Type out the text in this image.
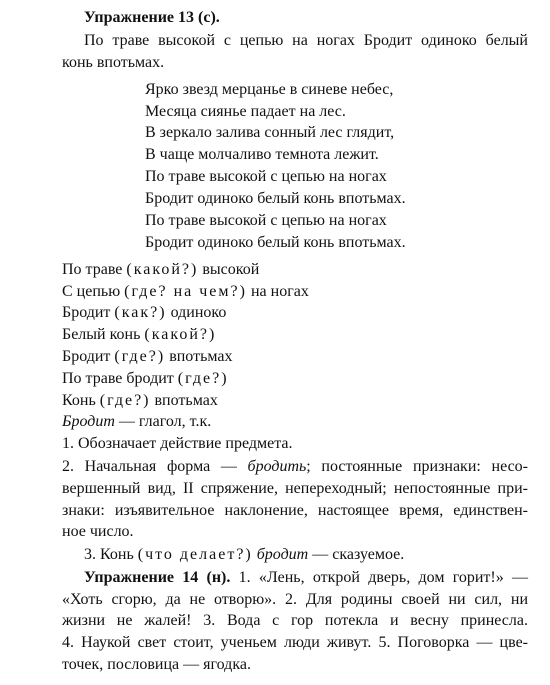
Упражнение 13 (с).
По траве высокой с цепью на ногах Бродит одиноко белый
конь впотьмах.
Ярко звезд мерцанье в синеве небес,
Месяца сиянье падает на лес.
В зеркало залива сонный лес глядит,
В чаще молчаливо темнота лежит.
По траве высокой с цепью на ногах
Бродит одиноко белый конь впотьмах.
По траве высокой с цепью на ногах
Бродит одиноко белый конь впотьмах.
По траве (какой?) высокой
С цепью (где? на чем?) на ногах
Бродит (как?) одиноко
Белый конь (какой?)
Бродит (где?) впотьмах
По траве бродит (где?)
Конь (где?) впотьмах
Бродит — глагол, т.к.
1. Обозначает действие предмета.
2. Начальная форма — бродить; постоянные признаки: несо-
вершенный вид, II спряжение, непереходный; непостоянные при-
знаки: изъявительное наклонение, настоящее время, единствен-
ное число.
3. Конь (что делает?) бродит — сказуемое.
Упражнение 14 (н). 1. «Лень, открой дверь, дом горит!» —
«Хоть сгорю, да не отворю». 2. Для родины своей ни сил, ни
жизни не жалей! 3. Вода с гор потекла и весну принесла.
4. Наукой свет стоит, ученьем люди живут. 5. Поговорка — цве-
точек, пословица — ягодка.
